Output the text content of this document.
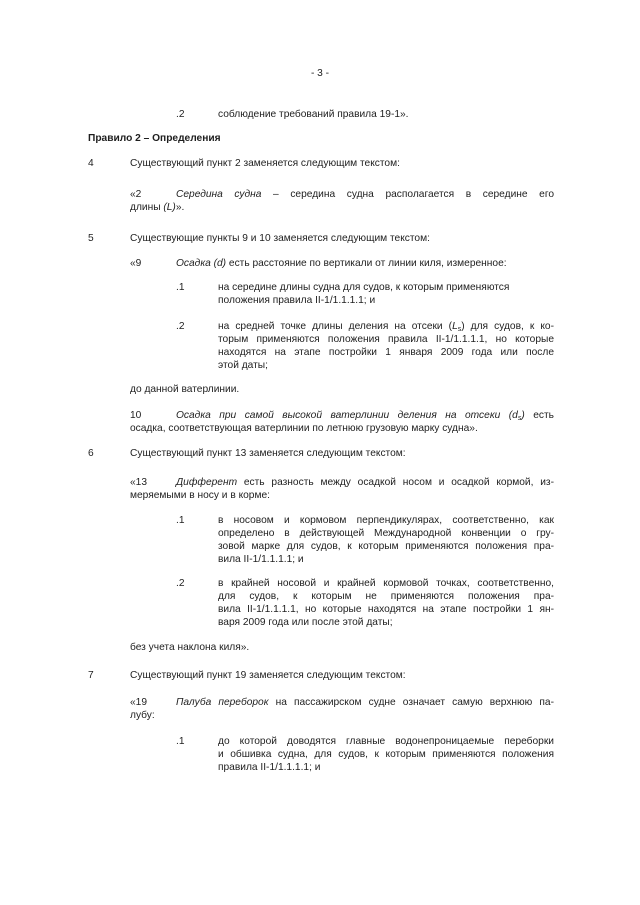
- 3 -
.2	соблюдение требований правила 19-1».
Правило 2 – Определения
4	Существующий пункт 2 заменяется следующим текстом:
«2	Середина судна – середина судна располагается в середине его
длины (L)».
5	Существующие пункты 9 и 10 заменяется следующим текстом:
«9	Осадка (d) есть расстояние по вертикали от линии киля, измеренное:
.1	на середине длины судна для судов, к которым применяются
положения правила II-1/1.1.1.1; и
.2	на средней точке длины деления на отсеки $(L_s)$ для судов, к ко-
торым применяются положения правила II-1/1.1.1.1, но которые
находятся на этапе постройки 1 января 2009 года или после
этой даты;
до данной ватерлинии.
10	Осадка при самой высокой ватерлинии деления на отсеки $(d_s)$ есть
осадка, соответствующая ватерлинии по летнюю грузовую марку судна».
6	Существующий пункт 13 заменяется следующим текстом:
«13	Дифферент есть разность между осадкой носом и осадкой кормой, из-
меряемыми в носу и в корме:
.1	в носовом и кормовом перпендикулярах, соответственно, как
определено в действующей Международной конвенции о гру-
зовой марке для судов, к которым применяются положения пра-
вила II-1/1.1.1.1; и
.2	в крайней носовой и крайней кормовой точках, соответственно,
для судов, к которым не применяются положения пра-
вила II-1/1.1.1.1, но которые находятся на этапе постройки 1 ян-
варя 2009 года или после этой даты;
без учета наклона киля».
7	Существующий пункт 19 заменяется следующим текстом:
«19	Палуба переборок на пассажирском судне означает самую верхнюю па-
лубу:
.1	до которой доводятся главные водонепроницаемые переборки
и обшивка судна, для судов, к которым применяются положения
правила II-1/1.1.1.1; и
